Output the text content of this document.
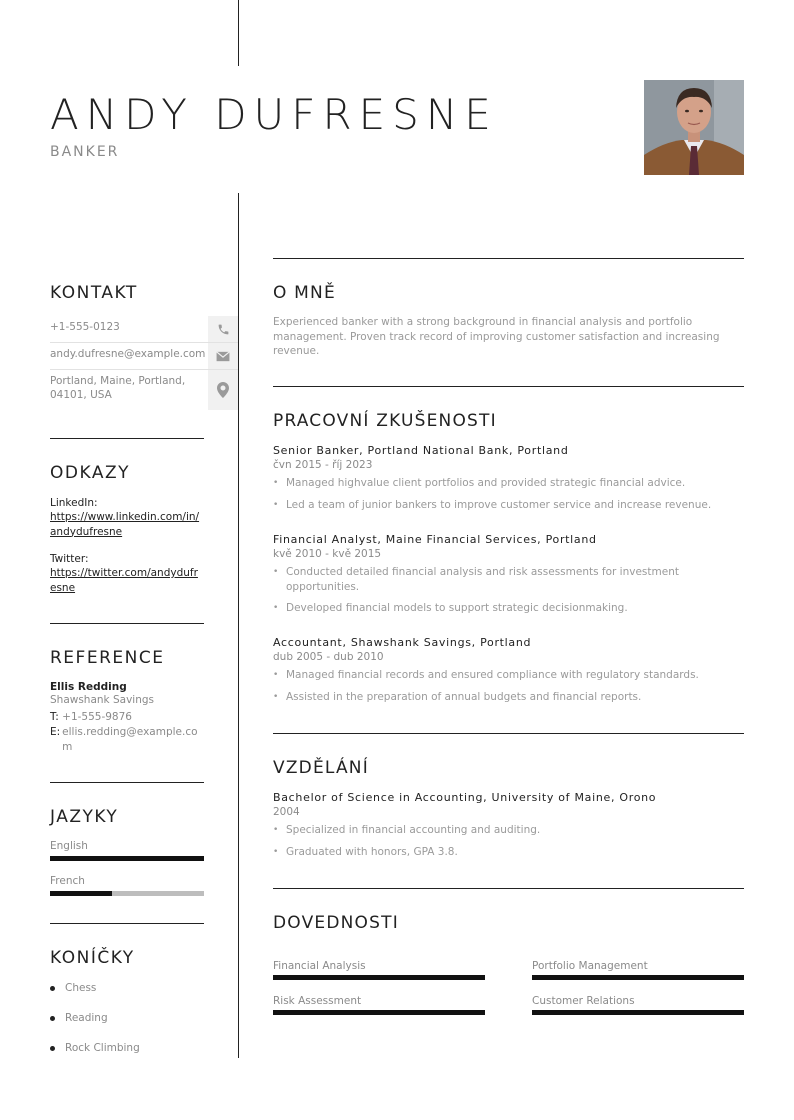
ANDY DUFRESNE
BANKER
KONTAKT
+1-555-0123
andy.dufresne@example.com
Portland, Maine, Portland, 04101, USA
ODKAZY
LinkedIn:
https://www.linkedin.com/in/andydufresne
Twitter:
https://twitter.com/andydufresne
REFERENCE
Ellis Redding
Shawshank Savings
T: +1-555-9876
E: ellis.redding@example.com
JAZYKY
English
French
KONÍČKY
Chess
Reading
Rock Climbing
O MNĚ
Experienced banker with a strong background in financial analysis and portfolio management. Proven track record of improving customer satisfaction and increasing revenue.
PRACOVNÍ ZKUŠENOSTI
Senior Banker, Portland National Bank, Portland
čvn 2015 - říj 2023
• Managed highvalue client portfolios and provided strategic financial advice.
• Led a team of junior bankers to improve customer service and increase revenue.
Financial Analyst, Maine Financial Services, Portland
kvě 2010 - kvě 2015
• Conducted detailed financial analysis and risk assessments for investment opportunities.
• Developed financial models to support strategic decisionmaking.
Accountant, Shawshank Savings, Portland
dub 2005 - dub 2010
• Managed financial records and ensured compliance with regulatory standards.
• Assisted in the preparation of annual budgets and financial reports.
VZDĚLÁNÍ
Bachelor of Science in Accounting, University of Maine, Orono
2004
• Specialized in financial accounting and auditing.
• Graduated with honors, GPA 3.8.
DOVEDNOSTI
Financial Analysis	Portfolio Management
Risk Assessment	Customer Relations
